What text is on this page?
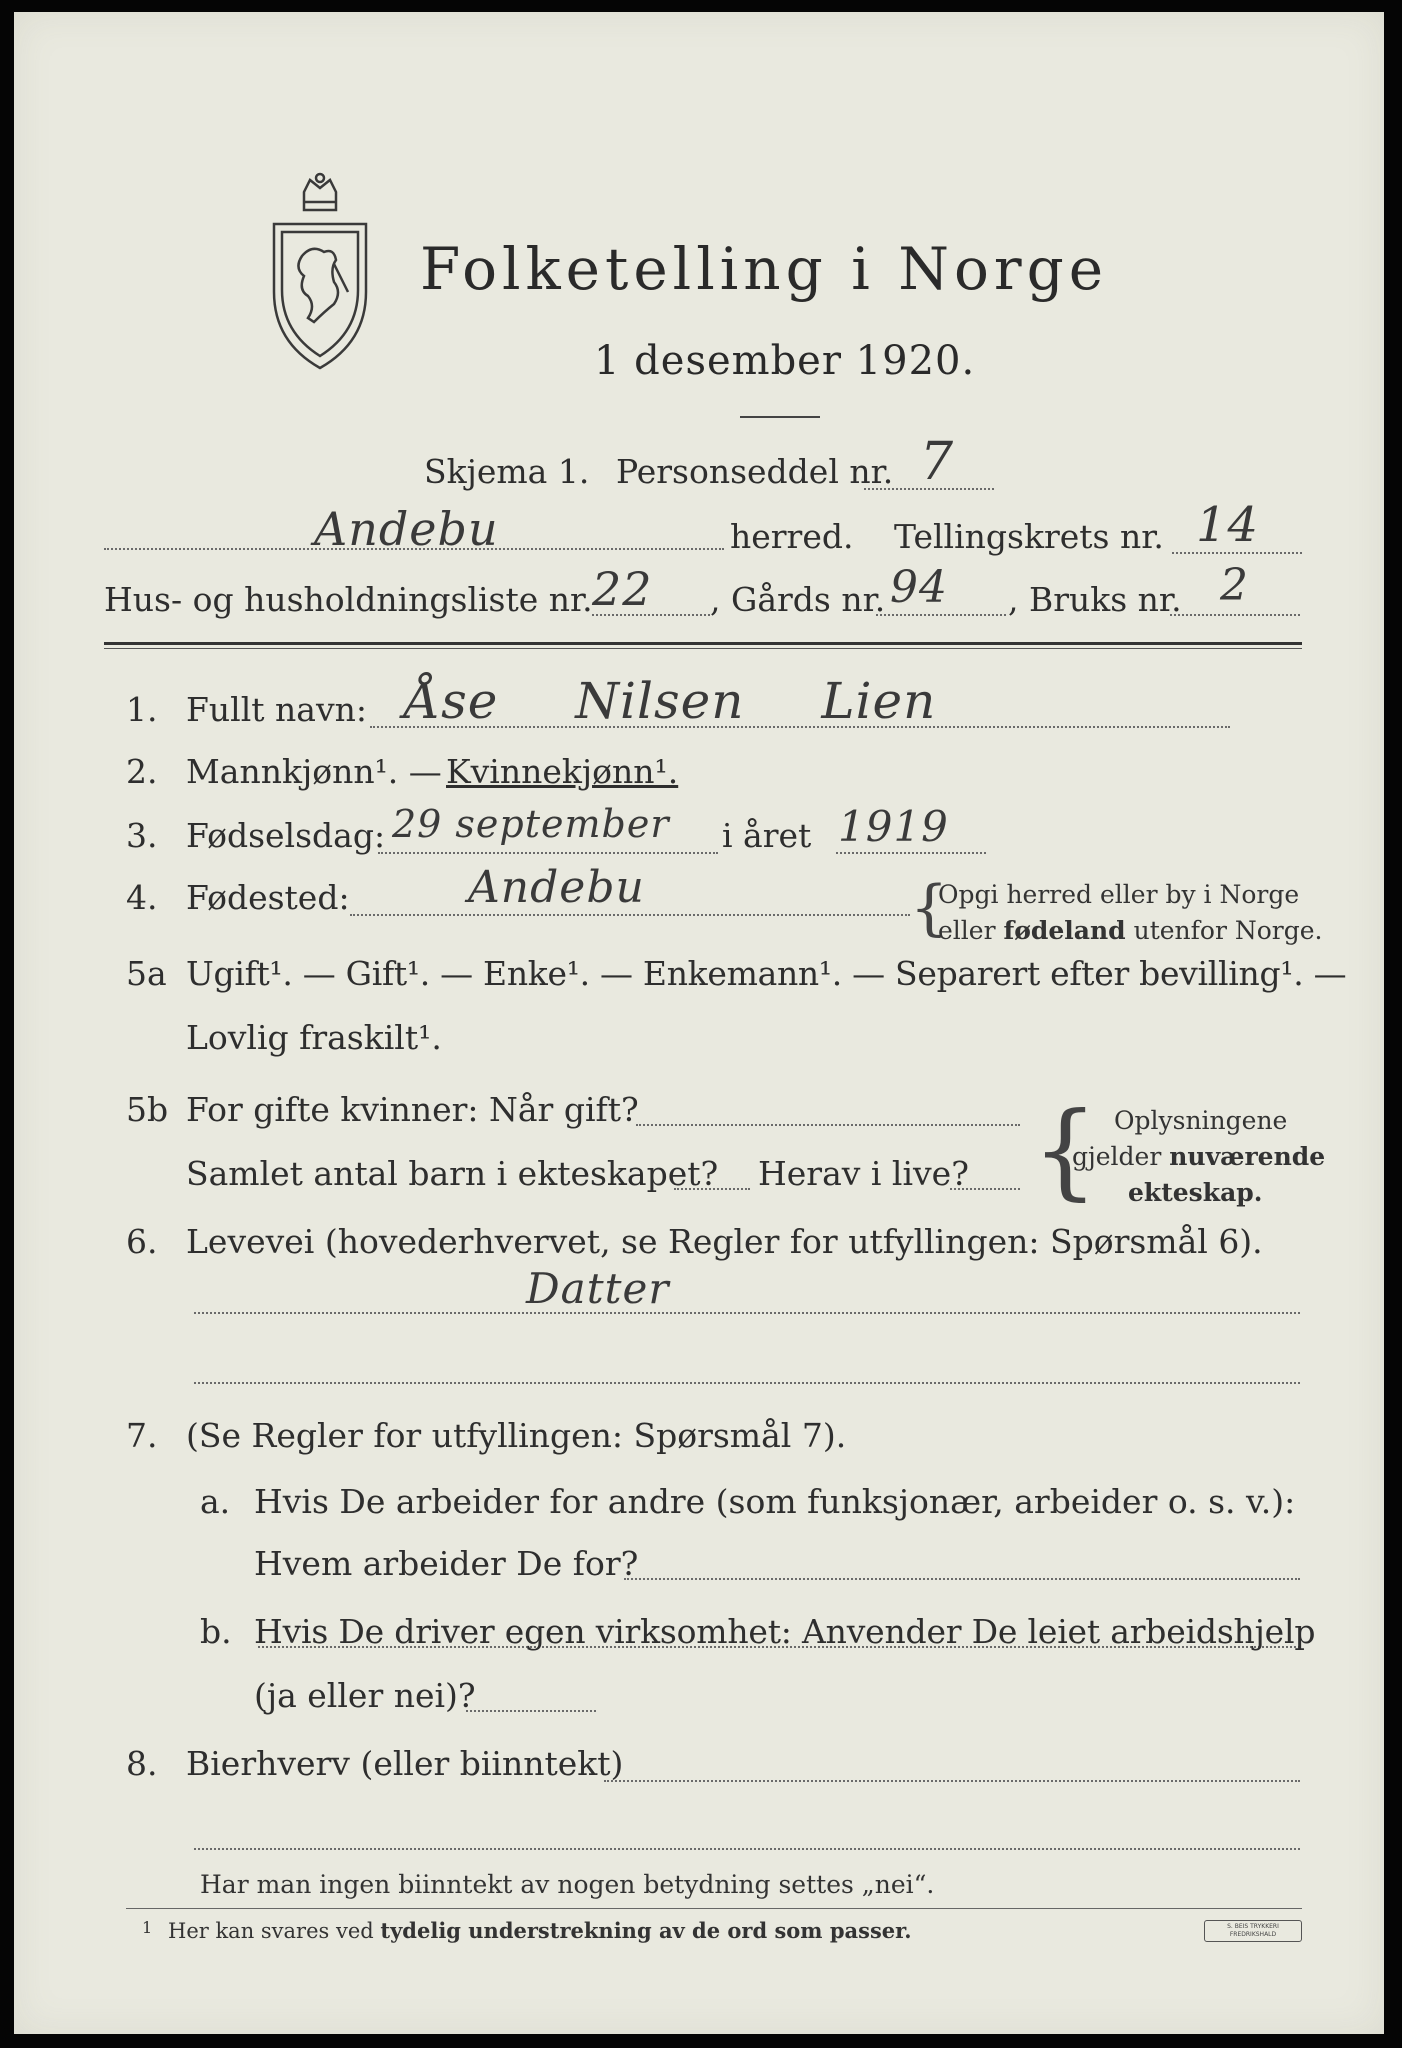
Folketelling i Norge
1 desember 1920.
Skjema 1. Personseddel nr. 7
Andebu	herred. Tellingskrets nr. 14
Hus- og husholdningsliste nr. 22 , Gårds nr. 94 , Bruks nr. 2
1. Fullt navn: Åse Nilsen Lien
2. Mannkjønn¹. — Kvinnekjønn¹.
3. Fødselsdag: 29 september i året 1919
4. Fødested:	Andebu	{
Opgi herred eller by i Norge
eller fødeland utenfor Norge.
5a Ugift¹. — Gift¹. — Enke¹. — Enkemann¹. — Separert efter bevilling¹. —
Lovlig fraskilt¹.
5b For gifte kvinner: Når gift?
Samlet antal barn i ekteskapet? Herav i live? { Oplysningene
gjelder nuværende
ekteskap.
6. Levevei (hovederhvervet, se Regler for utfyllingen: Spørsmål 6).
Datter
7. (Se Regler for utfyllingen: Spørsmål 7).
a. Hvis De arbeider for andre (som funksjonær, arbeider o. s. v.):
Hvem arbeider De for?
b. Hvis De driver egen virksomhet: Anvender De leiet arbeidshjelp
(ja eller nei)?
8. Bierhverv (eller biinntekt)
Har man ingen biinntekt av nogen betydning settes „nei“.
1 Her kan svares ved tydelig understrekning av de ord som passer.	S. BEIS TRYKKERI FREDRIKSHALD
